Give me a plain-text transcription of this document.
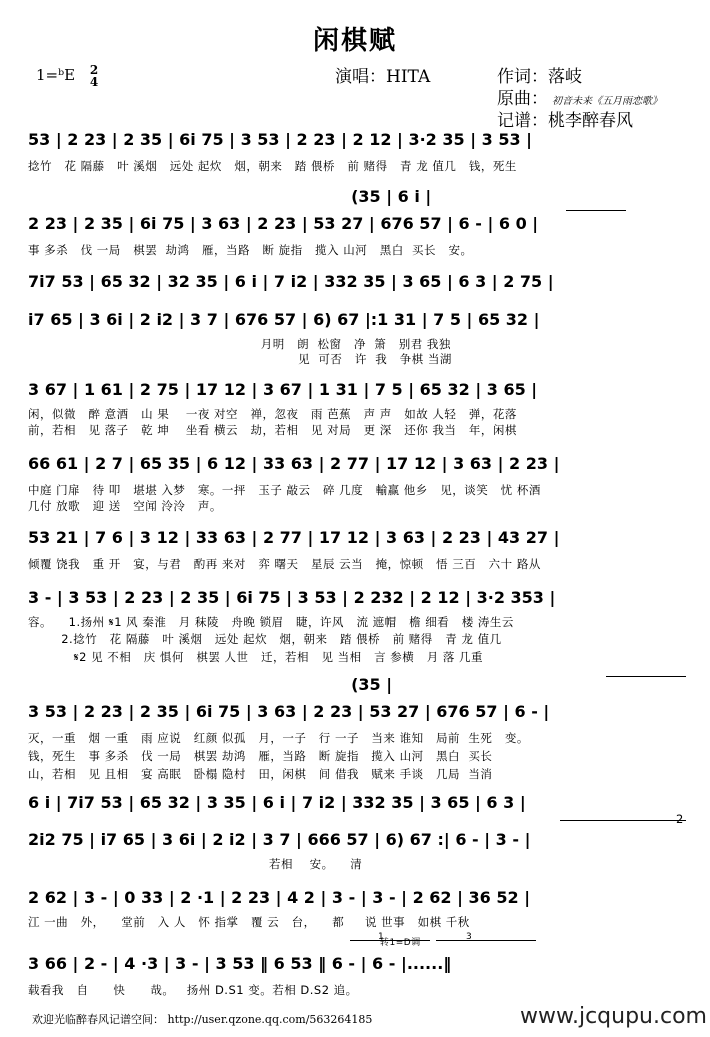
闲棋赋
1=ᵇE 2
4	演唱：HITA	作词：落岐
原曲： 初音未来《五月雨恋歌》
记谱：桃李醉春风
53 | 2 23 | 2 35 | 6i 75 | 3 53 | 2 23 | 2 12 | 3·2 35 | 3 53 |
捻竹   花 隔藤   叶 溪烟   远处 起炊   烟，朝来   踏 偎桥   前 赌得   青 龙 值几   钱，死生
(35 | 6 i |
2 23 | 2 35 | 6i 75 | 3 63 | 2 23 | 53 27 | 676 57 | 6 - | 6 0 |
事 多杀   伐 一局   棋罢  劫鸿   雁，当路   断 旋指   揽入 山河   黑白  买长   安。
7i7 53 | 65 32 | 32 35 | 6 i | 7 i2 | 332 35 | 3 65 | 6 3 | 2 75 |
i7 65 | 3 6i | 2 i2 | 3 7 | 676 57 | 6) 67 |:1 31 | 7 5 | 65 32 |
月明   朗  松窗   净  箫   别君 我独
见  可否   许  我   争棋 当湖
3 67 | 1 61 | 2 75 | 17 12 | 3 67 | 1 31 | 7 5 | 65 32 | 3 65 |
闲，似微   醉 意酒   山 果    一夜 对空   禅，忽夜   雨 芭蕉   声 声   如故 人轻   弹，花落
前，若相   见 落子   乾 坤    坐看 横云   劫，若相   见 对局   更 深   还你 我当   年，闲棋
66 61 | 2 7 | 65 35 | 6 12 | 33 63 | 2 77 | 17 12 | 3 63 | 2 23 |
中庭 门扉   待 叩   堪堪 入梦   寒。一抨   玉子 敲云   碎 几度   輸赢 他乡   见，谈笑   忧 杯酒
几付 放歌   迎 送   空闻 泠泠   声。
53 21 | 7 6 | 3 12 | 33 63 | 2 77 | 17 12 | 3 63 | 2 23 | 43 27 |
倾覆 饶我   重 开   宴，与君   酌再 来对   弈 曙天   星辰 云当   掩，惊顿   悟 三百   六十 路从
3 - | 3 53 | 2 23 | 2 35 | 6i 75 | 3 53 | 2 232 | 2 12 | 3·2 353 |
容。    1.扬州 𝄋1 风 秦淮   月 秣陵   舟晚 锁眉   睫，许风   流 遮帽   檐 细看   楼 涛生云
2.捻竹   花 隔藤   叶 溪烟   远处 起炊   烟，朝来   踏 偎桥   前 赌得   青 龙 值几
𝄋2 见 不相   庆 惧何   棋罢 人世   迁，若相   见 当相   言 参横   月 落 几重
(35 |
3 53 | 2 23 | 2 35 | 6i 75 | 3 63 | 2 23 | 53 27 | 676 57 | 6 - |
灭，一重   烟 一重   雨 应说   红颜 似孤   月，一子   行 一子   当来 谁知   局前  生死   变。
钱，死生   事 多杀   伐 一局   棋罢 劫鸿   雁，当路   断 旋指   揽入 山河   黑白  买长
山，若相   见 且相   宴 高眠   卧榻 隐村   田，闲棋   间 借我   赋来 手谈   几局  当消
6 i | 7i7 53 | 65 32 | 3 35 | 6 i | 7 i2 | 332 35 | 3 65 | 6 3 |
2
2i2 75 | i7 65 | 3 6i | 2 i2 | 3 7 | 666 57 | 6) 67 :| 6 - | 3 - |
若相    安。    清
2 62 | 3 - | 0 33 | 2 ·1 | 2 23 | 4 2 | 3 - | 3 - | 2 62 | 36 52 |
江 一曲   外，    堂前   入 人   怀 指掌   覆 云   台，    都     说 世事   如棋 千秋
转1=D调
1	3
3 66 | 2 - | 4 ·3 | 3 - | 3 53 ‖ 6 53 ‖ 6 - | 6 - |......‖
载看我   自      快      哉。   扬州 D.S1 变。若相 D.S2 追。
欢迎光临醉春风记谱空间： http://user.qzone.qq.com/563264185	www.jcqupu.com
